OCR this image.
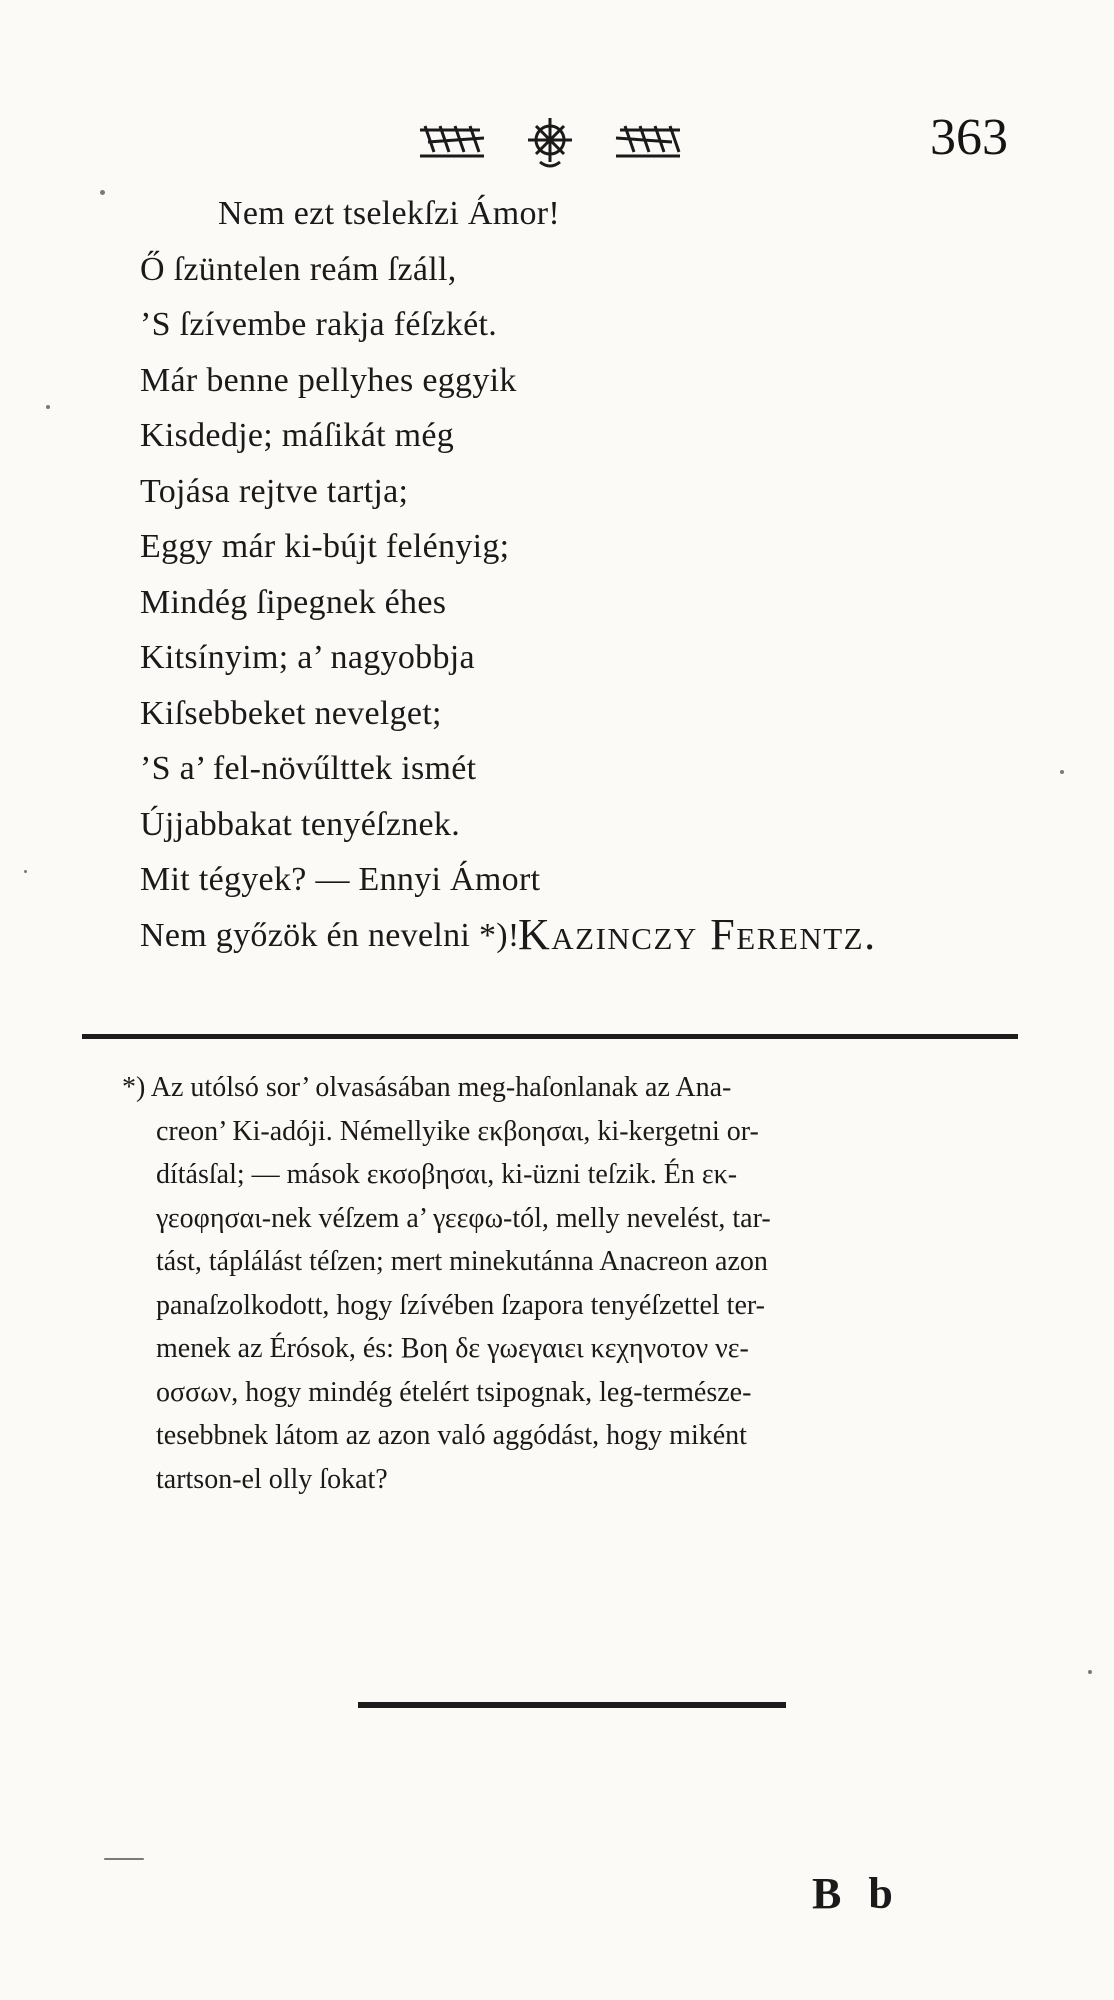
363
Nem ezt tselekſzi Ámor!
Ő ſzüntelen reám ſzáll,
’S ſzívembe rakja féſzkét.
Már benne pellyhes eggyik
Kisdedje; máſikát még
Tojása rejtve tartja;
Eggy már ki-bújt felényig;
Mindég ſipegnek éhes
Kitsínyim; a’ nagyobbja
Kiſsebbeket nevelget;
’S a’ fel-növűlttek ismét
Újjabbakat tenyéſznek.
Mit tégyek? — Ennyi Ámort
Nem győzök én nevelni *)!
Kazinczy Ferentz.
*) Az utólsó sor’ olvasásában meg-haſonlanak az Ana-
creon’ Ki-adóji. Némellyike εκβοησαι, ki-kergetni or-
dításſal; — mások εκσοβησαι, ki-üzni teſzik. Én εκ-
γεοφησαι-nek véſzem a’ γεεφω-tól, melly nevelést, tar-
tást, táplálást téſzen; mert minekutánna Anacreon azon
panaſzolkodott, hogy ſzívében ſzapora tenyéſzettel ter-
menek az Érósok, és: Βοη δε γωεγαιει κεχηνοτον νε-
οσσων, hogy mindég ételért tsipognak, leg-természe-
tesebbnek látom az azon való aggódást, hogy miként
tartson-el olly ſokat?
B b
